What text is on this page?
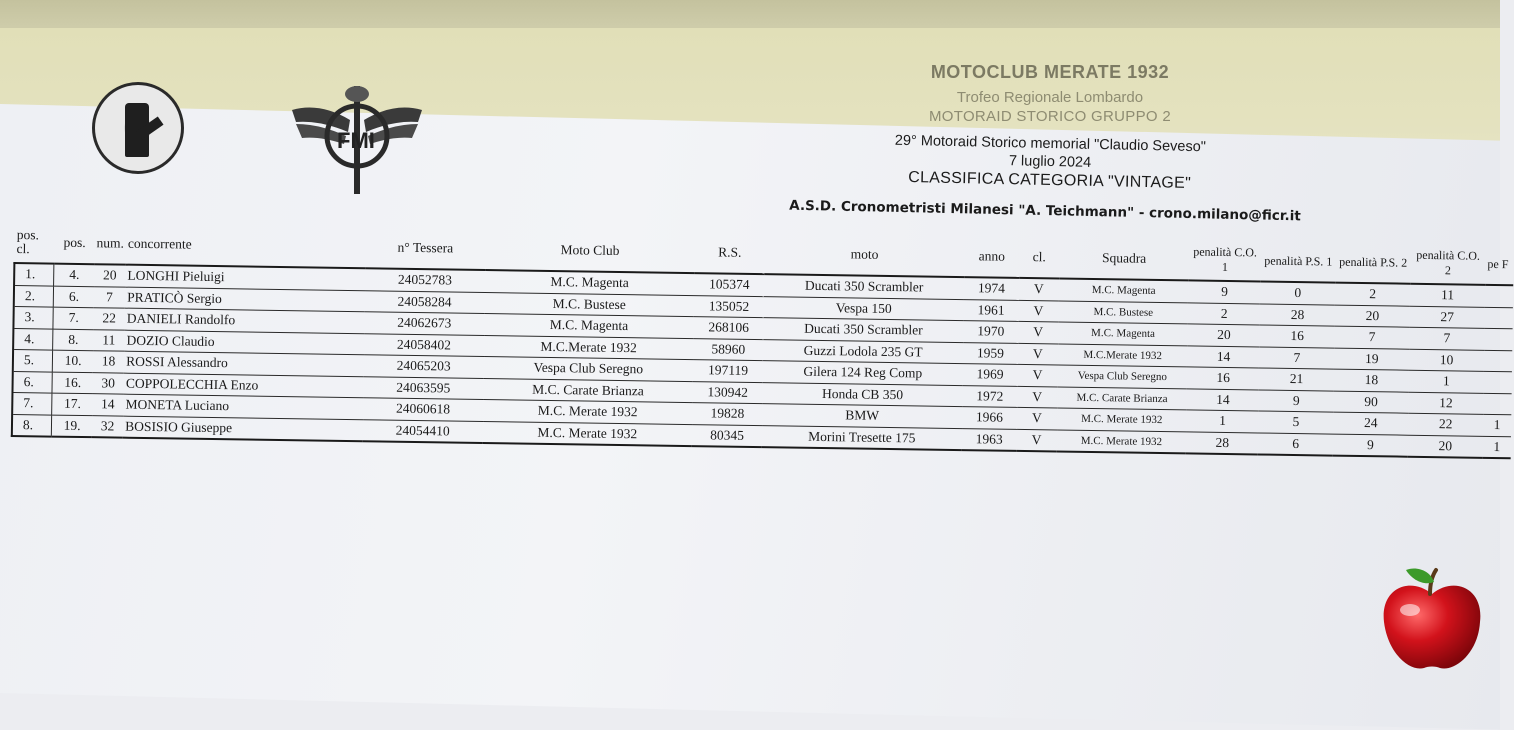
MOTOCLUB MERATE 1932
Trofeo Regionale Lombardo
MOTORAID STORICO GRUPPO 2
FMI	29° Motoraid Storico memorial "Claudio Seveso"
7 luglio 2024
CLASSIFICA CATEGORIA "VINTAGE"
A.S.D. Cronometristi Milanesi "A. Teichmann" - crono.milano@ficr.it
pos. cl.	pos.	num.	concorrente	n° Tessera	Moto Club	R.S.	moto	anno	cl.	Squadra	penalità C.O. 1	penalità P.S. 1	penalità P.S. 2	penalità C.O. 2	pe F
1.	4.	20	LONGHI Pieluigi	24052783	M.C. Magenta	105374	Ducati 350 Scrambler	1974	V	M.C. Magenta	9	0	2	11	
2.	6.	7	PRATICÒ Sergio	24058284	M.C. Bustese	135052	Vespa 150	1961	V	M.C. Bustese	2	28	20	27	
3.	7.	22	DANIELI Randolfo	24062673	M.C. Magenta	268106	Ducati 350 Scrambler	1970	V	M.C. Magenta	20	16	7	7	
4.	8.	11	DOZIO Claudio	24058402	M.C.Merate 1932	58960	Guzzi Lodola 235 GT	1959	V	M.C.Merate 1932	14	7	19	10	
5.	10.	18	ROSSI Alessandro	24065203	Vespa Club Seregno	197119	Gilera 124 Reg Comp	1969	V	Vespa Club Seregno	16	21	18	1	
6.	16.	30	COPPOLECCHIA Enzo	24063595	M.C. Carate Brianza	130942	Honda CB 350	1972	V	M.C. Carate Brianza	14	9	90	12	
7.	17.	14	MONETA Luciano	24060618	M.C. Merate 1932	19828	BMW	1966	V	M.C. Merate 1932	1	5	24	22	1
8.	19.	32	BOSISIO Giuseppe	24054410	M.C. Merate 1932	80345	Morini Tresette 175	1963	V	M.C. Merate 1932	28	6	9	20	1
